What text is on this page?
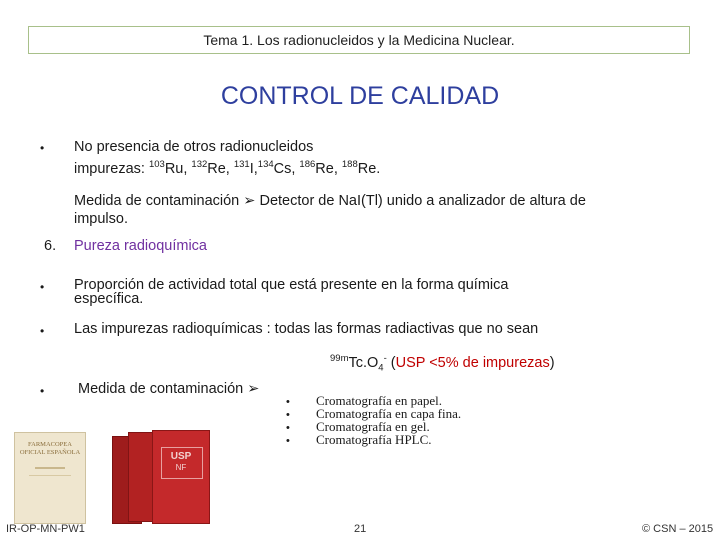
Tema 1. Los radionucleidos y la Medicina Nuclear.
CONTROL DE CALIDAD
• No presencia de otros radionucleidos
impurezas: $^{103}$Ru, $^{132}$Re, $^{131}$I,$^{134}$Cs, $^{186}$Re, $^{188}$Re.
Medida de contaminación ➢ Detector de NaI(Tl) unido a analizador de altura de
impulso.
6. Pureza radioquímica
• Proporción de actividad total que está presente en la forma química
específica.
• Las impurezas radioquímicas : todas las formas radiactivas que no sean
$^{99m}Tc.O_4^-$ (USP <5% de impurezas)
• Medida de contaminación ➢
• Cromatografía en papel.
• Cromatografía en capa fina.
• Cromatografía en gel.
• Cromatografía HPLC.
FARMACOPEA
OFICIAL ESPAÑOLA	USP
NF
IR-OP-MN-PW1	21	© CSN – 2015
